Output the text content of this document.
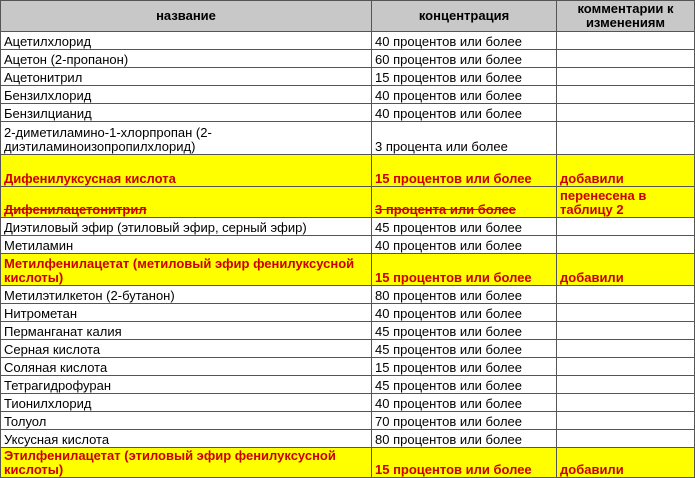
название	концентрация	комментарии к изменениям
Ацетилхлорид	40 процентов или более	
Ацетон (2-пропанон)	60 процентов или более	
Ацетонитрил	15 процентов или более	
Бензилхлорид	40 процентов или более	
Бензилцианид	40 процентов или более	
2-диметиламино-1-хлорпропан (2-диэтиламиноизопропилхлорид)	3 процента или более	
Дифенилуксусная кислота	15 процентов или более	добавили
Дифенилацетонитрил	3 процента или более	перенесена в таблицу 2
Диэтиловый эфир (этиловый эфир, серный эфир)	45 процентов или более	
Метиламин	40 процентов или более	
Метилфенилацетат (метиловый эфир фенилуксусной кислоты)	15 процентов или более	добавили
Метилэтилкетон (2-бутанон)	80 процентов или более	
Нитрометан	40 процентов или более	
Перманганат калия	45 процентов или более	
Серная кислота	45 процентов или более	
Соляная кислота	15 процентов или более	
Тетрагидрофуран	45 процентов или более	
Тионилхлорид	40 процентов или более	
Толуол	70 процентов или более	
Уксусная кислота	80 процентов или более	
Этилфенилацетат (этиловый эфир фенилуксусной кислоты)	15 процентов или более	добавили
